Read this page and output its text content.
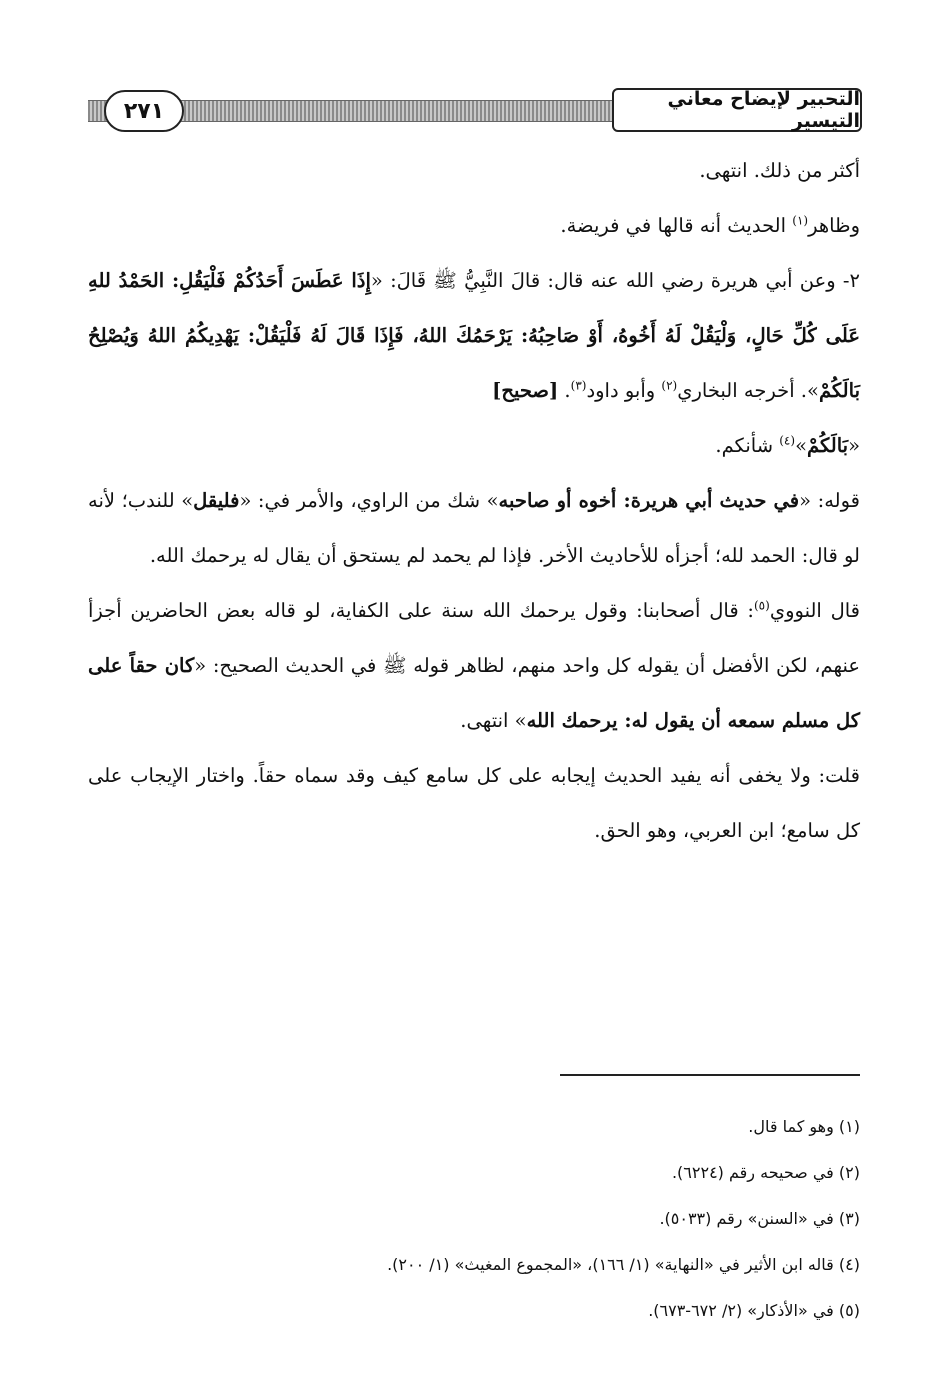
٢٧١	التحبير لإيضاح معاني التيسير

أكثر من ذلك. انتهى.

وظاهر$^{(١)}$ الحديث أنه قالها في فريضة.

٢- وعن أبي هريرة رضي الله عنه قال: قالَ النَّبِيُّ ﷺ قَالَ: «إِذَا عَطَسَ أَحَدُكُمْ فَلْيَقُلِ: الحَمْدُ للهِ عَلَى كُلِّ حَالٍ، وَلْيَقُلْ لَهُ أَخُوهُ، أَوْ صَاحِبُهُ: يَرْحَمُكَ اللهُ، فَإِذَا قَالَ لَهُ فَلْيَقُلْ: يَهْدِيكُمُ اللهُ وَيُصْلِحُ بَالَكُمْ». أخرجه البخاري$^{(٢)}$ وأبو داود$^{(٣)}$. [صحيح]

«بَالَكُمْ»$^{(٤)}$ شأنكم.

قوله: «في حديث أبي هريرة: أخوه أو صاحبه» شك من الراوي، والأمر في: «فليقل» للندب؛ لأنه لو قال: الحمد لله؛ أجزأه للأحاديث الأخر. فإذا لم يحمد لم يستحق أن يقال له يرحمك الله.

قال النووي$^{(٥)}$: قال أصحابنا: وقول يرحمك الله سنة على الكفاية، لو قاله بعض الحاضرين أجزأ عنهم، لكن الأفضل أن يقوله كل واحد منهم، لظاهر قوله ﷺ في الحديث الصحيح: «كان حقاً على كل مسلم سمعه أن يقول له: يرحمك الله» انتهى.

قلت: ولا يخفى أنه يفيد الحديث إيجابه على كل سامع كيف وقد سماه حقاً. واختار الإيجاب على كل سامع؛ ابن العربي، وهو الحق.

(١) وهو كما قال.

(٢) في صحيحه رقم (٦٢٢٤).

(٣) في «السنن» رقم (٥٠٣٣).

(٤) قاله ابن الأثير في «النهاية» (١/ ١٦٦)، «المجموع المغيث» (١/ ٢٠٠).

(٥) في «الأذكار» (٢/ ٦٧٢-٦٧٣).
